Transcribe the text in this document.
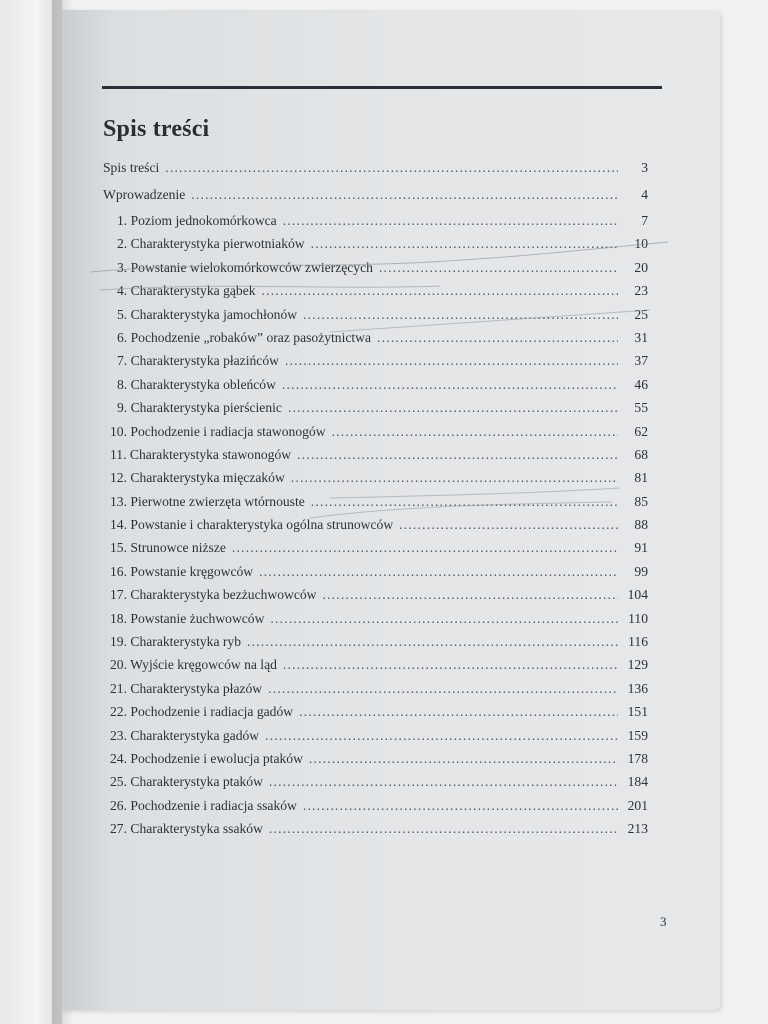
Spis treści
Spis treści .....	3
Wprowadzenie .....	4
1. Poziom jednokomórkowca .....	7
2. Charakterystyka pierwotniaków .....	10
3. Powstanie wielokomórkowców zwierzęcych .....	20
4. Charakterystyka gąbek .....	23
5. Charakterystyka jamochłonów .....	25
6. Pochodzenie „robaków” oraz pasożytnictwa .....	31
7. Charakterystyka płazińców .....	37
8. Charakterystyka obleńców .....	46
9. Charakterystyka pierścienic .....	55
10. Pochodzenie i radiacja stawonogów .....	62
11. Charakterystyka stawonogów .....	68
12. Charakterystyka mięczaków .....	81
13. Pierwotne zwierzęta wtórnouste .....	85
14. Powstanie i charakterystyka ogólna strunowców .....	88
15. Strunowce niższe .....	91
16. Powstanie kręgowców .....	99
17. Charakterystyka bezżuchwowców .....	104
18. Powstanie żuchwowców .....	110
19. Charakterystyka ryb .....	116
20. Wyjście kręgowców na ląd .....	129
21. Charakterystyka płazów .....	136
22. Pochodzenie i radiacja gadów .....	151
23. Charakterystyka gadów .....	159
24. Pochodzenie i ewolucja ptaków .....	178
25. Charakterystyka ptaków .....	184
26. Pochodzenie i radiacja ssaków .....	201
27. Charakterystyka ssaków .....	213
3
